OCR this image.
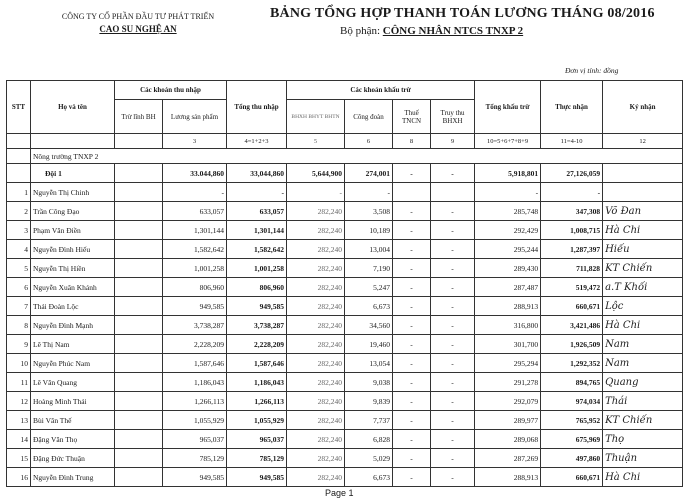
CÔNG TY CỔ PHẦN ĐẦU TƯ PHÁT TRIỂN
CAO SU NGHỆ AN
BẢNG TỔNG HỢP THANH TOÁN LƯƠNG THÁNG 08/2016
Bộ phận: CÔNG NHÂN NTCS TNXP 2
Đơn vị tính: đồng
STT	Họ và tên	Các khoản thu nhập		Tổng thu nhập	Các khoản khấu trừ				Tổng khấu trừ	Thực nhận	Ký nhận
		Trừ lĩnh BH	Lương sản phẩm		BHXH BHYT BHTN	Công đoàn	Thuế TNCN	Truy thu BHXH			
			3	4=1+2+3	5	6	8	9	10=5+6+7+8+9	11=4-10	12
	Nông trường TNXP 2										
	Đội 1		33.044,860	33,044,860	5,644,900	274,001	-	-	5,918,801	27,126,059	
1	Nguyễn Thị Chinh		-	-	-	-			-	-	
2	Trần Công Đạo		633,057	633,057	282,240	3,508	-	-	285,748	347,308	Võ Đan
3	Phạm Văn Điền		1,301,144	1,301,144	282,240	10,189	-	-	292,429	1,008,715	Hà Chi
4	Nguyễn Đình Hiếu		1,582,642	1,582,642	282,240	13,004	-	-	295,244	1,287,397	Hiếu
5	Nguyễn Thị Hiền		1,001,258	1,001,258	282,240	7,190	-	-	289,430	711,828	KT Chiến
6	Nguyễn Xuân Khánh		806,960	806,960	282,240	5,247	-	-	287,487	519,472	a.T Khối
7	Thái Đoàn Lộc		949,585	949,585	282,240	6,673	-	-	288,913	660,671	Lộc
8	Nguyễn Đình Mạnh		3,738,287	3,738,287	282,240	34,560	-	-	316,800	3,421,486	Hà Chi
9	Lê Thị Nam		2,228,209	2,228,209	282,240	19,460	-	-	301,700	1,926,509	Nam
10	Nguyễn Phúc Nam		1,587,646	1,587,646	282,240	13,054	-	-	295,294	1,292,352	Nam
11	Lê Văn Quang		1,186,043	1,186,043	282,240	9,038	-	-	291,278	894,765	Quang
12	Hoàng Minh Thái		1,266,113	1,266,113	282,240	9,839	-	-	292,079	974,034	Thái
13	Bùi Văn Thế		1,055,929	1,055,929	282,240	7,737	-	-	289,977	765,952	KT Chiến
14	Đặng Văn Thọ		965,037	965,037	282,240	6,828	-	-	289,068	675,969	Thọ
15	Đặng Đức Thuận		785,129	785,129	282,240	5,029	-	-	287,269	497,860	Thuận
16	Nguyễn Đình Trung		949,585	949,585	282,240	6,673	-	-	288,913	660,671	Hà Chi
Page 1
